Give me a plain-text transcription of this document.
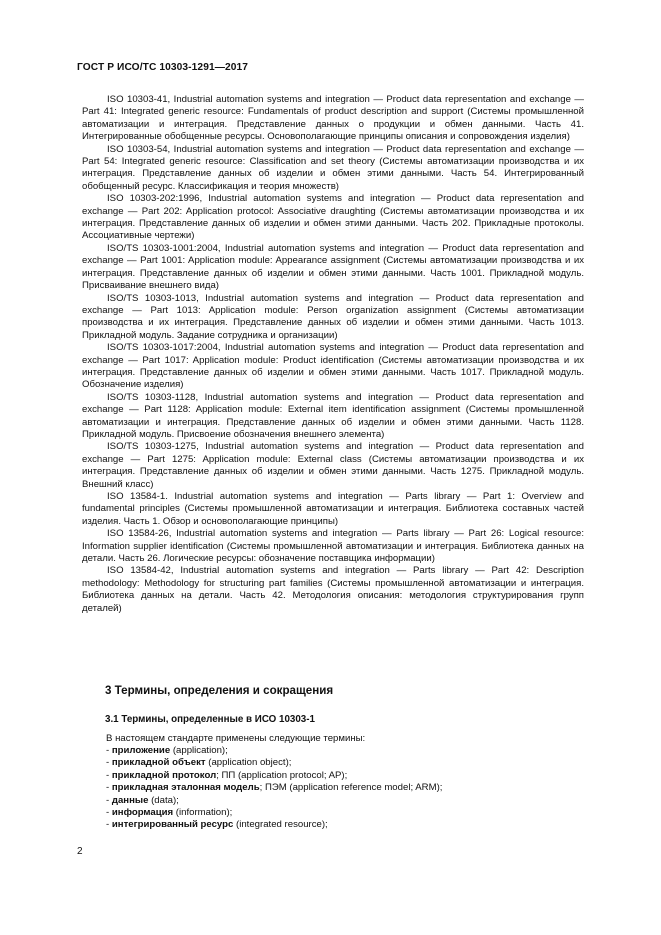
ГОСТ Р ИСО/ТС 10303-1291—2017

ISO 10303-41, Industrial automation systems and integration — Product data representation and exchange — Part 41: Integrated generic resource: Fundamentals of product description and support (Системы промышленной автоматизации и интеграция. Представление данных о продукции и обмен данными. Часть 41. Интегрированные обобщенные ресурсы. Основополагающие принципы описания и сопровождения изделия)

ISO 10303-54, Industrial automation systems and integration — Product data representation and exchange — Part 54: Integrated generic resource: Classification and set theory (Системы автоматизации производства и их интеграция. Представление данных об изделии и обмен этими данными. Часть 54. Интегрированный обобщенный ресурс. Классификация и теория множеств)

ISO 10303-202:1996, Industrial automation systems and integration — Product data representation and exchange — Part 202: Application protocol: Associative draughting (Системы автоматизации производства и их интеграция. Представление данных об изделии и обмен этими данными. Часть 202. Прикладные протоколы. Ассоциативные чертежи)

ISO/TS 10303-1001:2004, Industrial automation systems and integration — Product data representation and exchange — Part 1001: Application module: Appearance assignment (Системы автоматизации производства и их интеграция. Представление данных об изделии и обмен этими данными. Часть 1001. Прикладной модуль. Присваивание внешнего вида)

ISO/TS 10303-1013, Industrial automation systems and integration — Product data representation and exchange — Part 1013: Application module: Person organization assignment (Системы автоматизации производства и их интеграция. Представление данных об изделии и обмен этими данными. Часть 1013. Прикладной модуль. Задание сотрудника и организации)

ISO/TS 10303-1017:2004, Industrial automation systems and integration — Product data representation and exchange — Part 1017: Application module: Product identification (Системы автоматизации производства и их интеграция. Представление данных об изделии и обмен этими данными. Часть 1017. Прикладной модуль. Обозначение изделия)

ISO/TS 10303-1128, Industrial automation systems and integration — Product data representation and exchange — Part 1128: Application module: External item identification assignment (Системы промышленной автоматизации и интеграция. Представление данных об изделии и обмен этими данными. Часть 1128. Прикладной модуль. Присвоение обозначения внешнего элемента)

ISO/TS 10303-1275, Industrial automation systems and integration — Product data representation and exchange — Part 1275: Application module: External class (Системы автоматизации производства и их интеграция. Представление данных об изделии и обмен этими данными. Часть 1275. Прикладной модуль. Внешний класс)

ISO 13584-1. Industrial automation systems and integration — Parts library — Part 1: Overview and fundamental principles (Системы промышленной автоматизации и интеграция. Библиотека составных частей изделия. Часть 1. Обзор и основополагающие принципы)

ISO 13584-26, Industrial automation systems and integration — Parts library — Part 26: Logical resource: Information supplier identification (Системы промышленной автоматизации и интеграция. Библиотека данных на детали. Часть 26. Логические ресурсы: обозначение поставщика информации)

ISO 13584-42, Industrial automation systems and integration — Parts library — Part 42: Description methodology: Methodology for structuring part families (Системы промышленной автоматизации и интеграция. Библиотека данных на детали. Часть 42. Методология описания: методология структурирования групп деталей)

3 Термины, определения и сокращения
3.1 Термины, определенные в ИСО 10303-1
В настоящем стандарте применены следующие термины:
- приложение (application);
- прикладной объект (application object);
- прикладной протокол; ПП (application protocol; AP);
- прикладная эталонная модель; ПЭМ (application reference model; ARM);
- данные (data);
- информация (information);
- интегрированный ресурс (integrated resource);
2
